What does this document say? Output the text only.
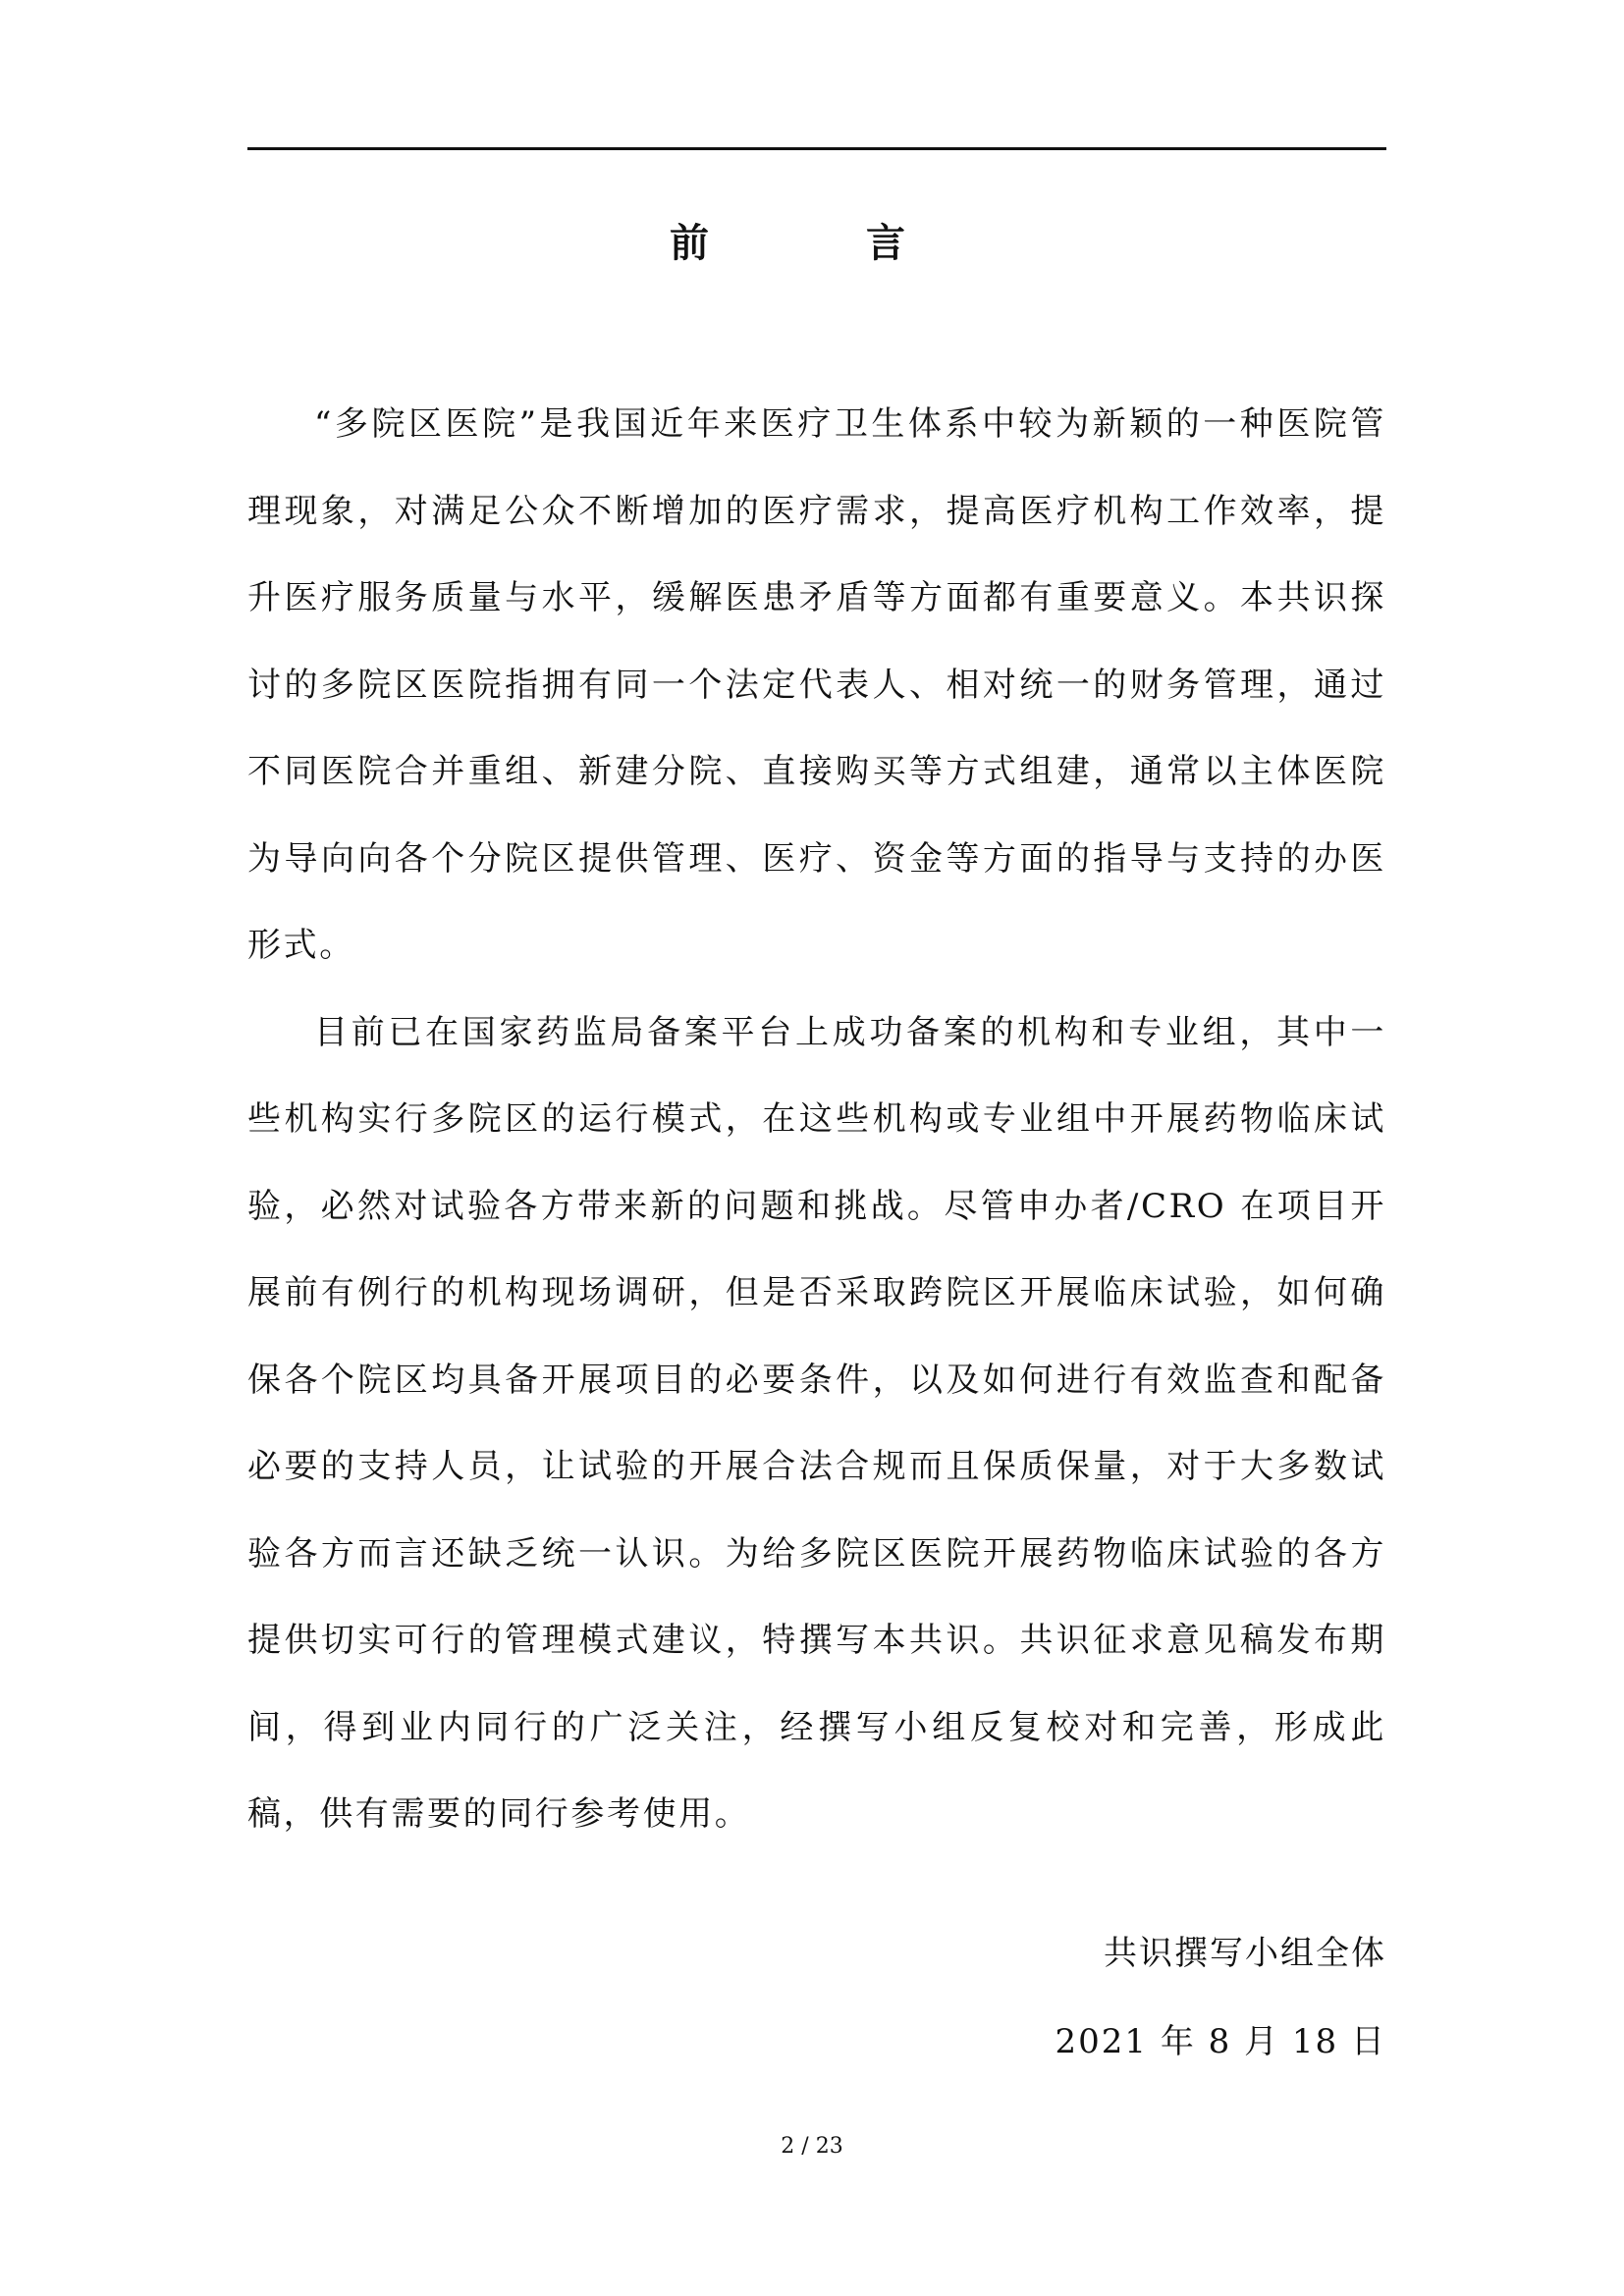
前　言

“多院区医院”是我国近年来医疗卫生体系中较为新颖的一种医院管理现象，对满足公众不断增加的医疗需求，提高医疗机构工作效率，提升医疗服务质量与水平，缓解医患矛盾等方面都有重要意义。本共识探讨的多院区医院指拥有同一个法定代表人、相对统一的财务管理，通过不同医院合并重组、新建分院、直接购买等方式组建，通常以主体医院为导向向各个分院区提供管理、医疗、资金等方面的指导与支持的办医形式。

目前已在国家药监局备案平台上成功备案的机构和专业组，其中一些机构实行多院区的运行模式，在这些机构或专业组中开展药物临床试验，必然对试验各方带来新的问题和挑战。尽管申办者/CRO 在项目开展前有例行的机构现场调研，但是否采取跨院区开展临床试验，如何确保各个院区均具备开展项目的必要条件，以及如何进行有效监查和配备必要的支持人员，让试验的开展合法合规而且保质保量，对于大多数试验各方而言还缺乏统一认识。为给多院区医院开展药物临床试验的各方提供切实可行的管理模式建议，特撰写本共识。共识征求意见稿发布期间，得到业内同行的广泛关注，经撰写小组反复校对和完善，形成此稿，供有需要的同行参考使用。

共识撰写小组全体
2021 年 8 月 18 日
2 / 23
